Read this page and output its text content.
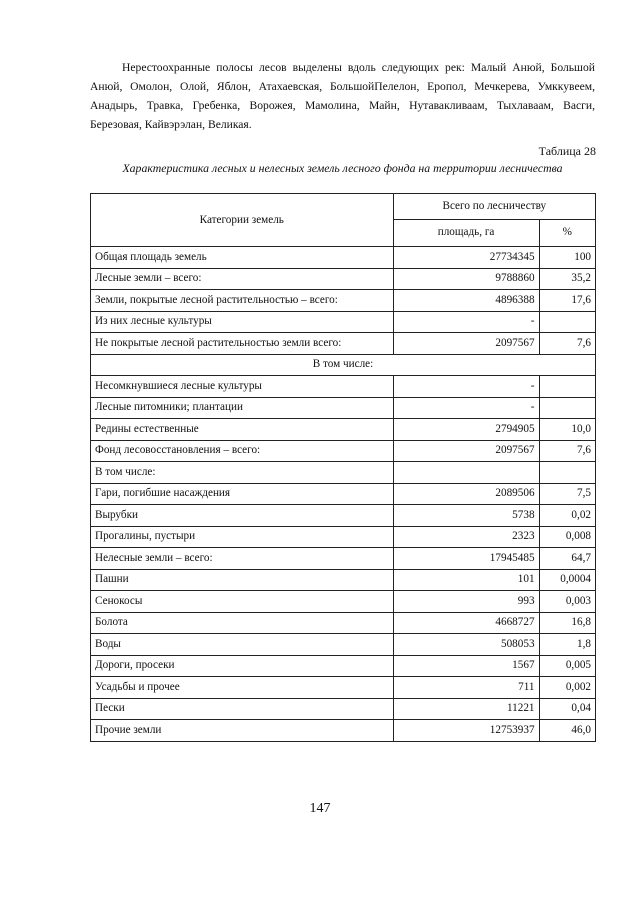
Нерестоохранные полосы лесов выделены вдоль следующих рек: Малый Анюй, Большой Анюй, Омолон, Олой, Яблон, Атахаевская, БольшойПелелон, Еропол, Мечкерева, Умккувеем, Анадырь, Травка, Гребенка, Ворожея, Мамолина, Майн, Нутавакливаам, Тыхлаваам, Васги, Березовая, Кайвэрэлан, Великая.

Таблица 28
Характеристика лесных и нелесных земель лесного фонда на территории лесничества
Категории земель	Всего по лесничеству	
	площадь, га	%
Общая площадь земель	27734345	100
Лесные земли – всего:	9788860	35,2
Земли, покрытые лесной растительностью – всего:	4896388	17,6
Из них лесные культуры	-	
Не покрытые лесной растительностью земли всего:	2097567	7,6
В том числе:		
Несомкнувшиеся лесные культуры	-	
Лесные питомники; плантации	-	
Редины естественные	2794905	10,0
Фонд лесовосстановления – всего:	2097567	7,6
В том числе:		
Гари, погибшие насаждения	2089506	7,5
Вырубки	5738	0,02
Прогалины, пустыри	2323	0,008
Нелесные земли – всего:	17945485	64,7
Пашни	101	0,0004
Сенокосы	993	0,003
Болота	4668727	16,8
Воды	508053	1,8
Дороги, просеки	1567	0,005
Усадьбы и прочее	711	0,002
Пески	11221	0,04
Прочие земли	12753937	46,0
147
